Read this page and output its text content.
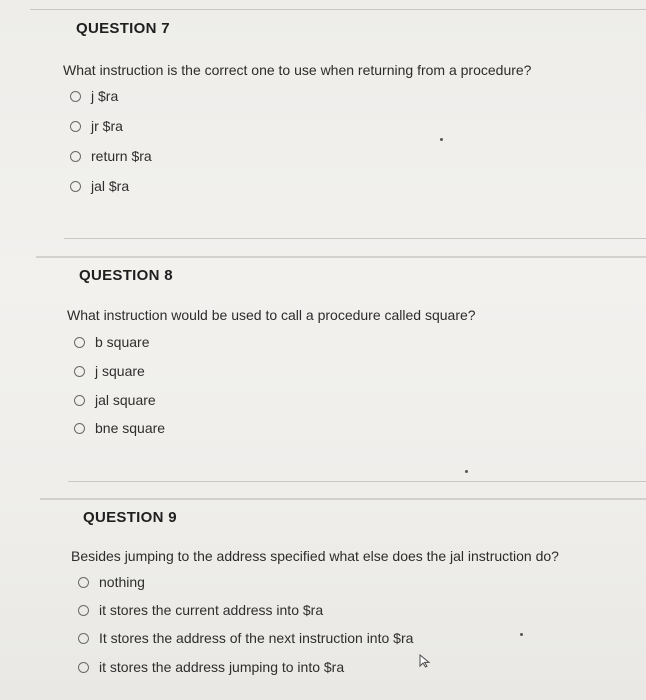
QUESTION 7
What instruction is the correct one to use when returning from a procedure?
j $ra
jr $ra
return $ra
jal $ra
QUESTION 8
What instruction would be used to call a procedure called square?
b square
j square
jal square
bne square
QUESTION 9
Besides jumping to the address specified what else does the jal instruction do?
nothing
it stores the current address into $ra
It stores the address of the next instruction into $ra
it stores the address jumping to into $ra
